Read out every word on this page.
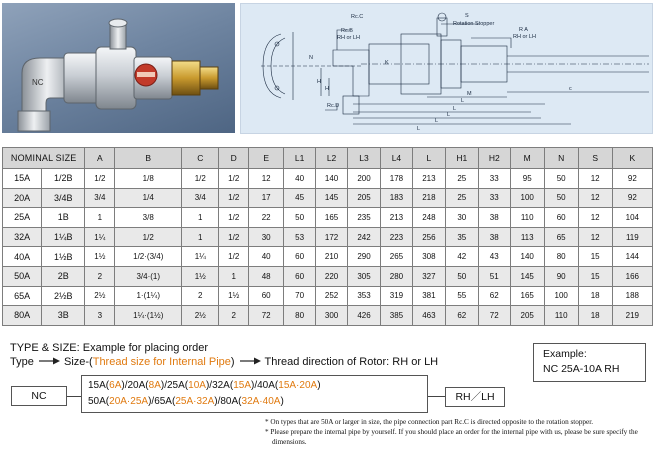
NC
Rc.C	S
Rotation Stopper
Rc.B
RH or LH
R A
RH or LH
Rc.D
H
H
N
c
M
L
L
L
L
L
K
NOMINAL SIZE		A	B	C	D	E	L1	L2	L3	L4	L	H1	H2	M	N	S	K
15A	1/2B	1/2	1/8	1/2	1/2	12	40	140	200	178	213	25	33	95	50	12	92
20A	3/4B	3/4	1/4	3/4	1/2	17	45	145	205	183	218	25	33	100	50	12	92
25A	1B	1	3/8	1	1/2	22	50	165	235	213	248	30	38	110	60	12	104
32A	1¼B	1¼	1/2	1	1/2	30	53	172	242	223	256	35	38	113	65	12	119
40A	1½B	1½	1/2·(3/4)	1¼	1/2	40	60	210	290	265	308	42	43	140	80	15	144
50A	2B	2	3/4·(1)	1½	1	48	60	220	305	280	327	50	51	145	90	15	166
65A	2½B	2½	1·(1¼)	2	1½	60	70	252	353	319	381	55	62	165	100	18	188
80A	3B	3	1¼·(1½)	2½	2	72	80	300	426	385	463	62	72	205	110	18	219
TYPE & SIZE: Example for placing order
Type	Size-(Thread size for Internal Pipe)	Thread direction of Rotor: RH or LH
Example:
NC 25A-10A RH
NC
15A(6A)/20A(8A)/25A(10A)/32A(15A)/40A(15A·20A)
50A(20A·25A)/65A(25A·32A)/80A(32A·40A)	RH／LH

* On types that are 50A or larger in size, the pipe connection part Rc.C is directed opposite to the rotation stopper.

* Please prepare the internal pipe by yourself. If you should place an order for the internal pipe with us, please be sure specify the dimensions.
